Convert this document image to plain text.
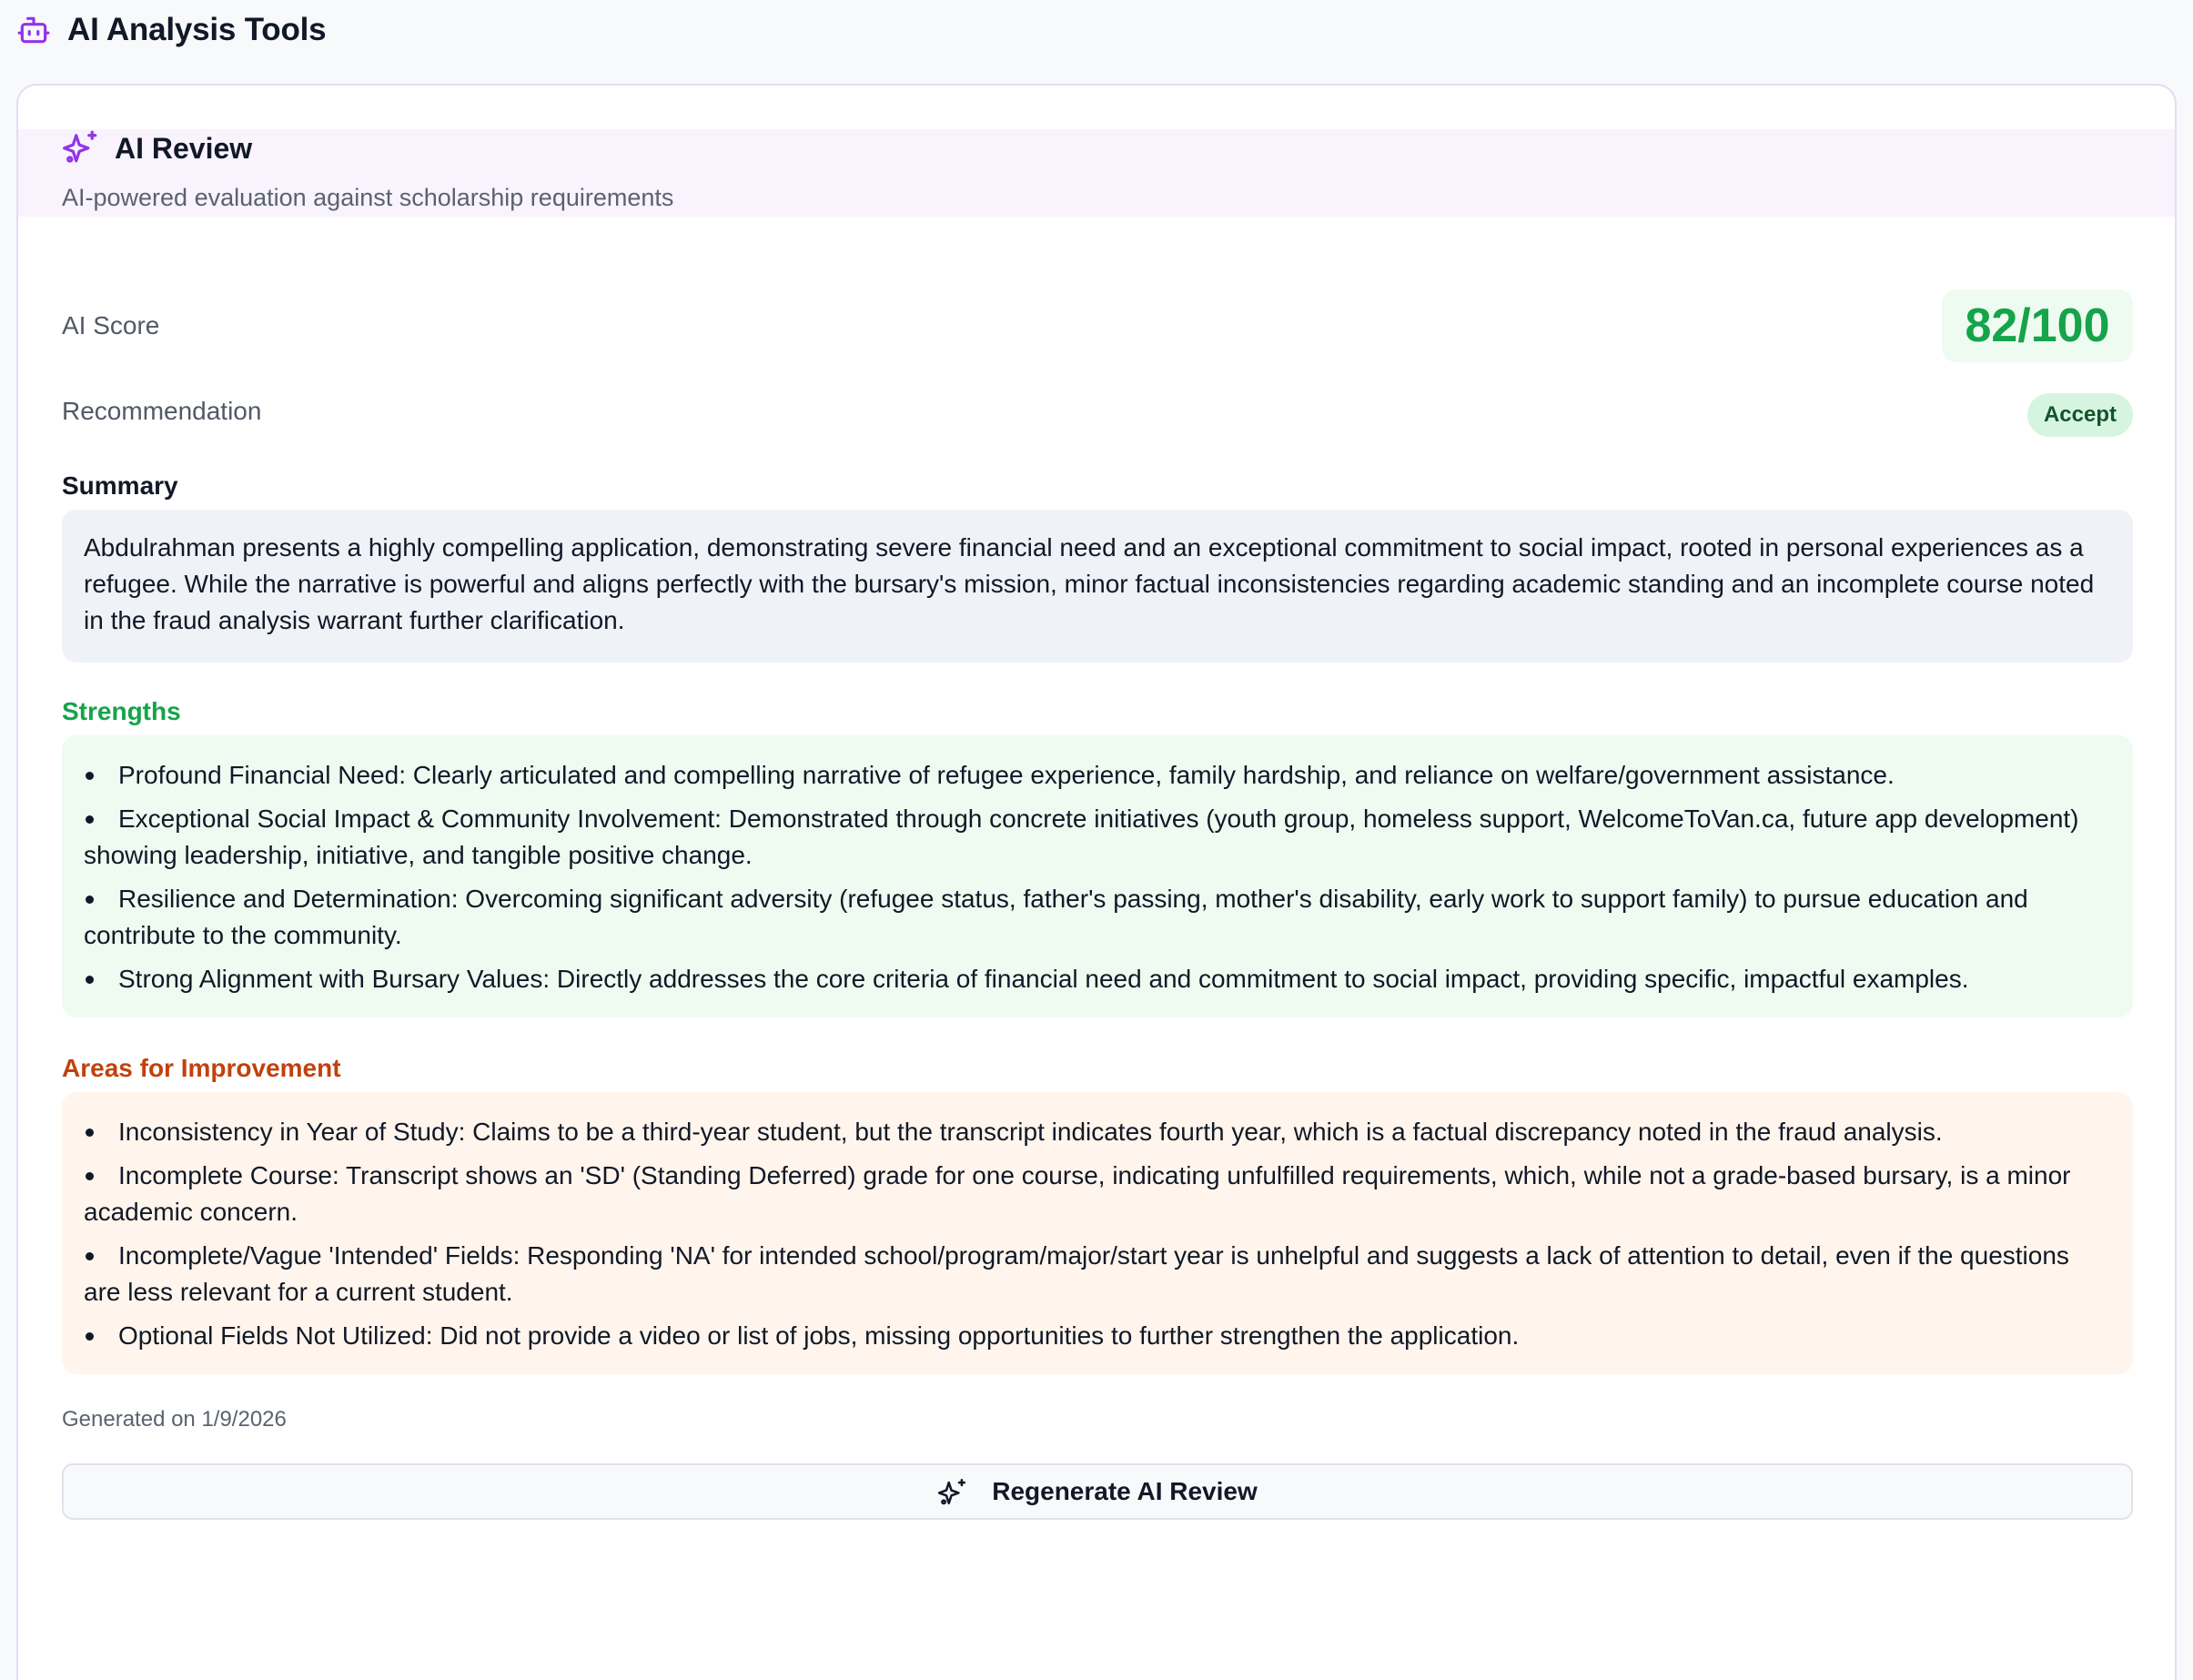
AI Analysis Tools
AI Review
AI-powered evaluation against scholarship requirements
AI Score	82/100
Recommendation	Accept
Summary
Abdulrahman presents a highly compelling application, demonstrating severe financial need and an exceptional commitment to social impact, rooted in personal experiences as a refugee. While the narrative is powerful and aligns perfectly with the bursary's mission, minor factual inconsistencies regarding academic standing and an incomplete course noted in the fraud analysis warrant further clarification.
Strengths
Profound Financial Need: Clearly articulated and compelling narrative of refugee experience, family hardship, and reliance on welfare/government assistance.
Exceptional Social Impact & Community Involvement: Demonstrated through concrete initiatives (youth group, homeless support, WelcomeToVan.ca, future app development) showing leadership, initiative, and tangible positive change.
Resilience and Determination: Overcoming significant adversity (refugee status, father's passing, mother's disability, early work to support family) to pursue education and contribute to the community.
Strong Alignment with Bursary Values: Directly addresses the core criteria of financial need and commitment to social impact, providing specific, impactful examples.
Areas for Improvement
Inconsistency in Year of Study: Claims to be a third-year student, but the transcript indicates fourth year, which is a factual discrepancy noted in the fraud analysis.
Incomplete Course: Transcript shows an 'SD' (Standing Deferred) grade for one course, indicating unfulfilled requirements, which, while not a grade-based bursary, is a minor academic concern.
Incomplete/Vague 'Intended' Fields: Responding 'NA' for intended school/program/major/start year is unhelpful and suggests a lack of attention to detail, even if the questions are less relevant for a current student.
Optional Fields Not Utilized: Did not provide a video or list of jobs, missing opportunities to further strengthen the application.
Generated on 1/9/2026
Regenerate AI Review
